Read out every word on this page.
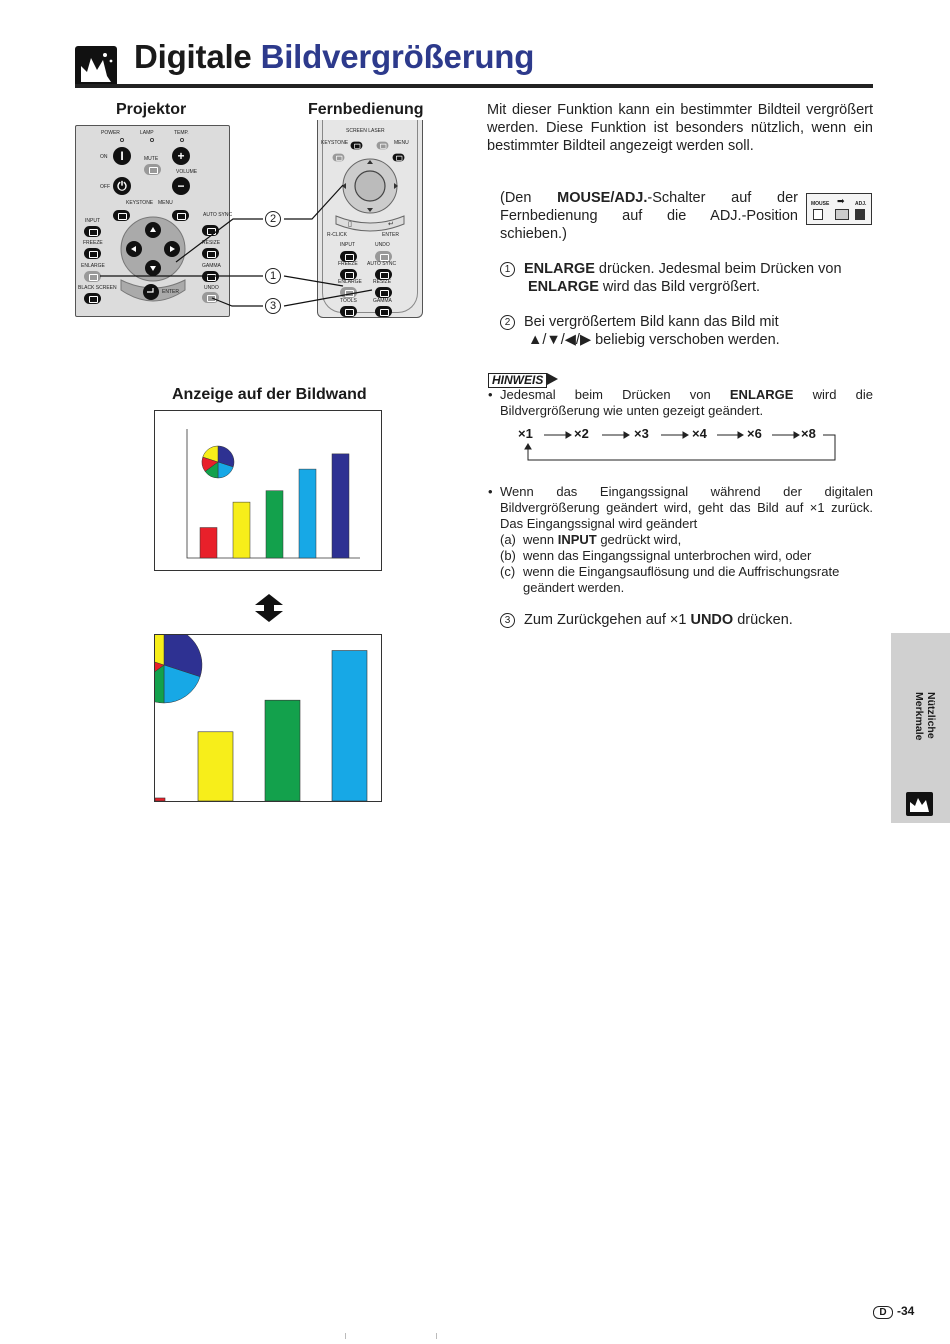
Digitale Bildvergrößerung
Projektor	Fernbedienung
POWER	LAMP	TEMP.
ON	I	MUTE	+
VOLUME
OFF ⏻	−
KEYSTONE MENU
INPUT
AUTO SYNC
FREEZE	RESIZE
ENLARGE	GAMMA
BLACK SCREEN	UNDO
ENTER
SCREEN LASER
KEYSTONE	MENU
▯	↵
R-CLICK	ENTER
INPUT	UNDO
FREEZE AUTO SYNC
ENLARGE RESIZE
TOOLS	GAMMA
2
1
3
Mit dieser Funktion kann ein bestimmter Bildteil vergrößert werden. Diese Funktion ist besonders nützlich, wenn ein bestimmter Bildteil angezeigt werden soll.
(Den MOUSE/ADJ.-Schalter auf der Fernbedienung auf die ADJ.-Position schieben.)
MOUSE	ADJ.
➡
1 ENLARGE drücken. Jedesmal beim Drücken von
ENLARGE wird das Bild vergrößert.
2 Bei vergrößertem Bild kann das Bild mit
▲/▼/◀/▶ beliebig verschoben werden.
HINWEIS
• Jedesmal beim Drücken von ENLARGE wird die Bildvergrößerung wie unten gezeigt geändert.
×1	×2	×3	×4	×6	×8
• Wenn das Eingangssignal während der digitalen Bildvergrößerung geändert wird, geht das Bild auf ×1 zurück. Das Eingangssignal wird geändert
(a) wenn INPUT gedrückt wird,
(b) wenn das Eingangssignal unterbrochen wird, oder
(c) wenn die Eingangsauflösung und die Auffrischungsrate geändert werden.
3 Zum Zurückgehen auf ×1 UNDO drücken.
Anzeige auf der Bildwand
Nützliche
Merkmale
D -34
